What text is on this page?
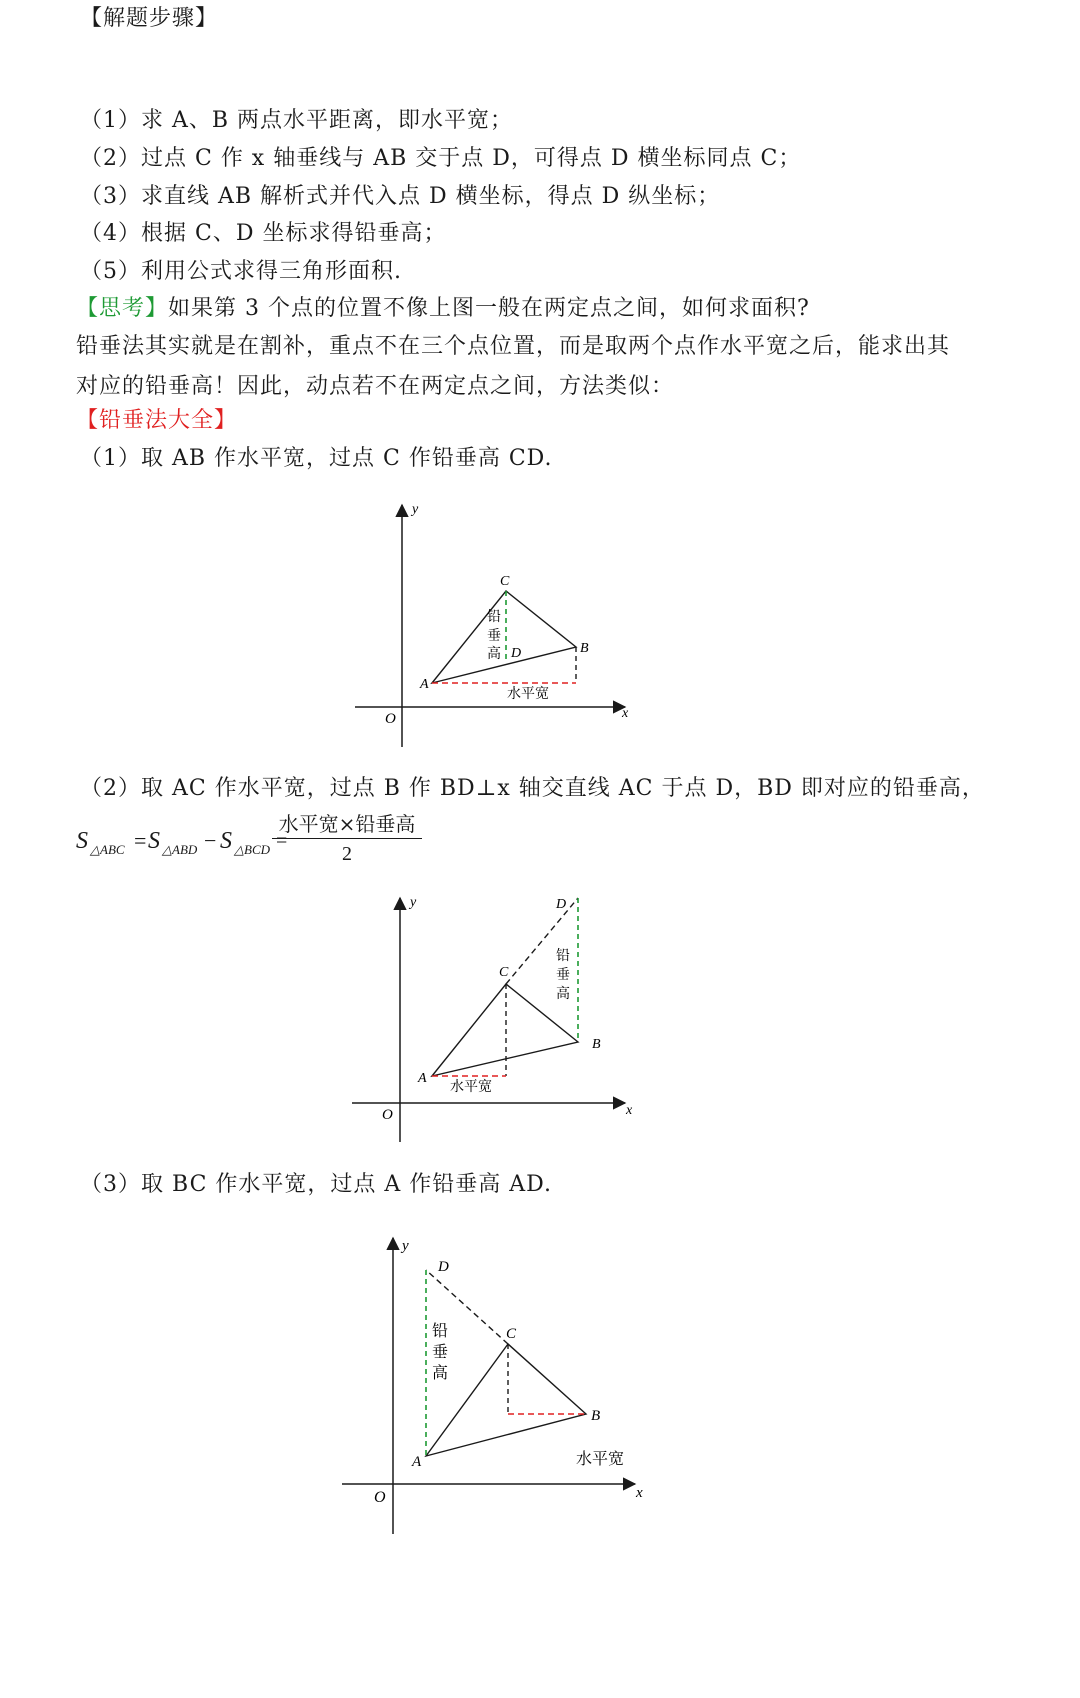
【解题步骤】
（1）求 A、B 两点水平距离，即水平宽；
（2）过点 C 作 x 轴垂线与 AB 交于点 D，可得点 D 横坐标同点 C；
（3）求直线 AB 解析式并代入点 D 横坐标，得点 D 纵坐标；
（4）根据 C、D 坐标求得铅垂高；
（5）利用公式求得三角形面积.
【思考】如果第 3 个点的位置不像上图一般在两定点之间，如何求面积?
铅垂法其实就是在割补，重点不在三个点位置，而是取两个点作水平宽之后，能求出其对应的铅垂高！因此，动点若不在两定点之间，方法类似：
【铅垂法大全】
（1）取 AB 作水平宽，过点 C 作铅垂高 CD.
x
y
O
A
B
C
D
铅
垂
高
水平宽
（2）取 AC 作水平宽，过点 B 作 BD⊥x 轴交直线 AC 于点 D，BD 即对应的铅垂高，
S △ABC = S △ABD − S △BCD =
水平宽×铅垂高
2
x
y
O
A
B
C
D
铅
垂
高
水平宽
（3）取 BC 作水平宽，过点 A 作铅垂高 AD.
x
y
O
A
B
C
D
铅
垂
高
水平宽
